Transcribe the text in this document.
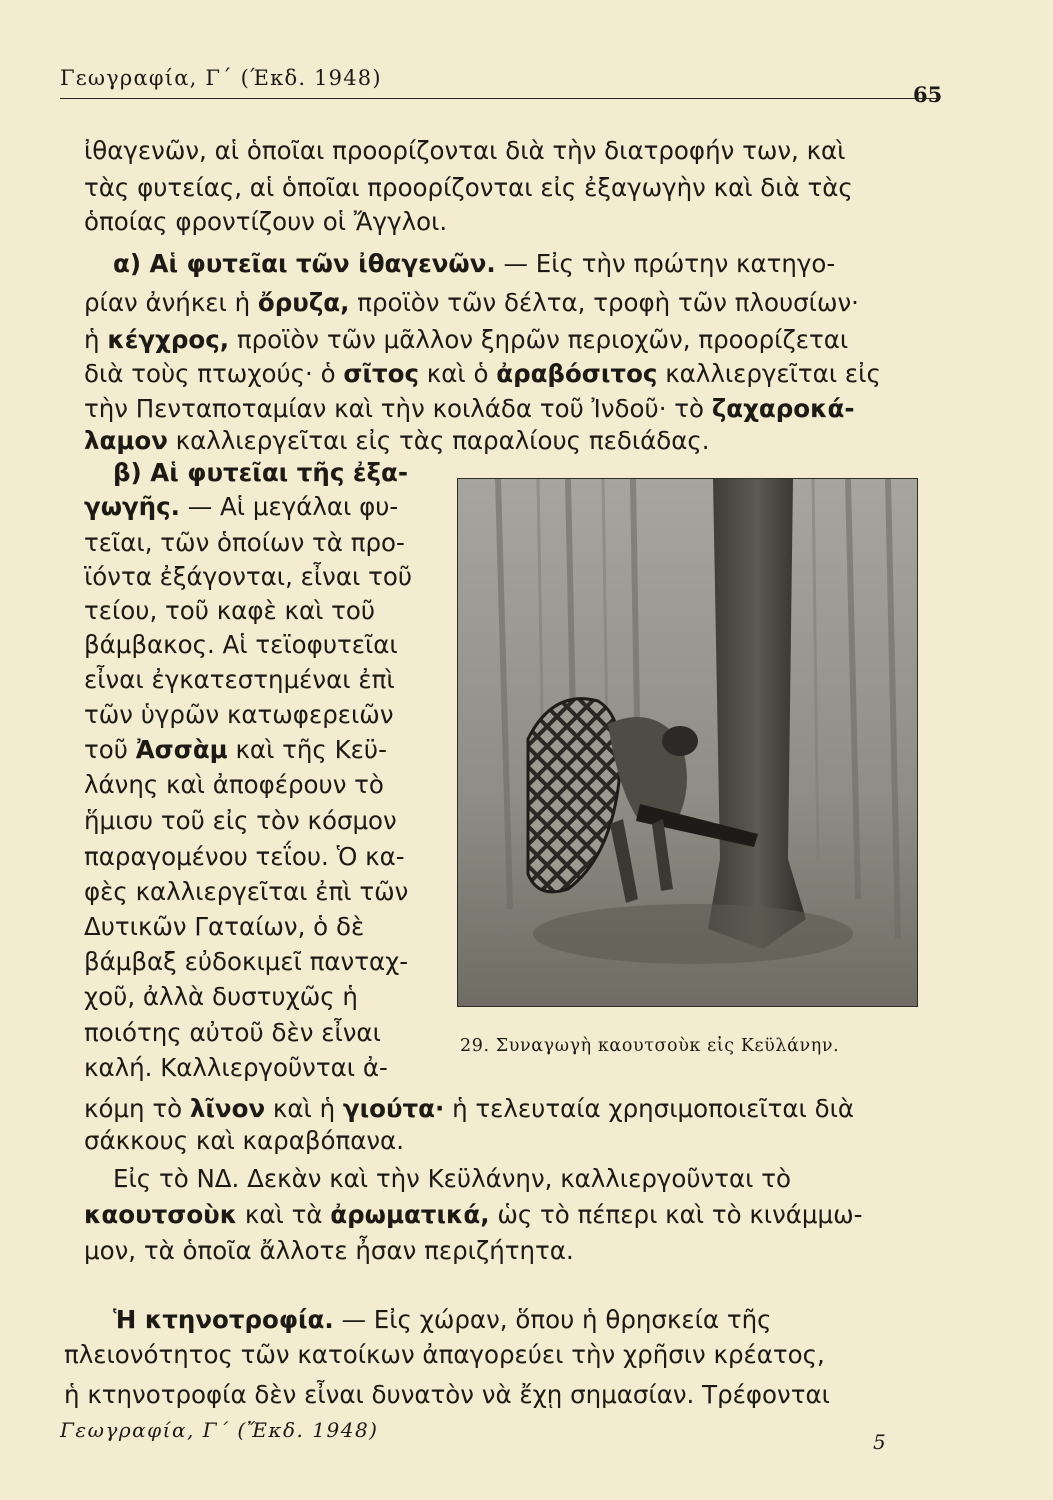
Γεωγραφία, Γ΄ (Έκδ. 1948)
65
ἰθαγενῶν, αἱ ὁποῖαι προορίζονται διὰ τὴν διατροφήν των, καὶ
τὰς φυτείας, αἱ ὁποῖαι προορίζονται εἰς ἐξαγωγὴν καὶ διὰ τὰς
ὁποίας φροντίζουν οἱ Ἄγγλοι.
α) Αἱ φυτεῖαι τῶν ἰθαγενῶν. — Εἰς τὴν πρώτην κατηγο-
ρίαν ἀνήκει ἡ ὄρυζα, προϊὸν τῶν δέλτα, τροφὴ τῶν πλουσίων·
ἡ κέγχρος, προϊὸν τῶν μᾶλλον ξηρῶν περιοχῶν, προορίζεται
διὰ τοὺς πτωχούς· ὁ σῖτος καὶ ὁ ἀραβόσιτος καλλιεργεῖται εἰς
τὴν Πενταποταμίαν καὶ τὴν κοιλάδα τοῦ Ἰνδοῦ· τὸ ζαχαροκά-
λαμον καλλιεργεῖται εἰς τὰς παραλίους πεδιάδας.
β) Αἱ φυτεῖαι τῆς ἐξα-
γωγῆς. — Αἱ μεγάλαι φυ-
τεῖαι, τῶν ὁποίων τὰ προ-
ϊόντα ἐξάγονται, εἶναι τοῦ
τείου, τοῦ καφὲ καὶ τοῦ
βάμβακος. Αἱ τεϊοφυτεῖαι
εἶναι ἐγκατεστημέναι ἐπὶ
τῶν ὑγρῶν κατωφερειῶν
τοῦ Ἀσσὰμ καὶ τῆς Κεϋ-
λάνης καὶ ἀποφέρουν τὸ
ἥμισυ τοῦ εἰς τὸν κόσμον
παραγομένου τεΐου. Ὁ κα-
φὲς καλλιεργεῖται ἐπὶ τῶν
Δυτικῶν Γαταίων, ὁ δὲ
βάμβαξ εὐδοκιμεῖ πανταχ-
χοῦ, ἀλλὰ δυστυχῶς ἡ
ποιότης αὐτοῦ δὲν εἶναι
καλή. Καλλιεργοῦνται ἀ-
29. Συναγωγὴ καουτσοὺκ εἰς Κεϋλάνην.
κόμη τὸ λῖνον καὶ ἡ γιούτα· ἡ τελευταία χρησιμοποιεῖται διὰ
σάκκους καὶ καραβόπανα.
Εἰς τὸ ΝΔ. Δεκὰν καὶ τὴν Κεϋλάνην, καλλιεργοῦνται τὸ
καουτσοὺκ καὶ τὰ ἀρωματικά, ὡς τὸ πέπερι καὶ τὸ κινάμμω-
μον, τὰ ὁποῖα ἄλλοτε ἦσαν περιζήτητα.
Ἡ κτηνοτροφία. — Εἰς χώραν, ὅπου ἡ θρησκεία τῆς
πλειονότητος τῶν κατοίκων ἀπαγορεύει τὴν χρῆσιν κρέατος,
ἡ κτηνοτροφία δὲν εἶναι δυνατὸν νὰ ἔχῃ σημασίαν. Τρέφονται
Γεωγραφία, Γ΄ (Ἔκδ. 1948)	5
